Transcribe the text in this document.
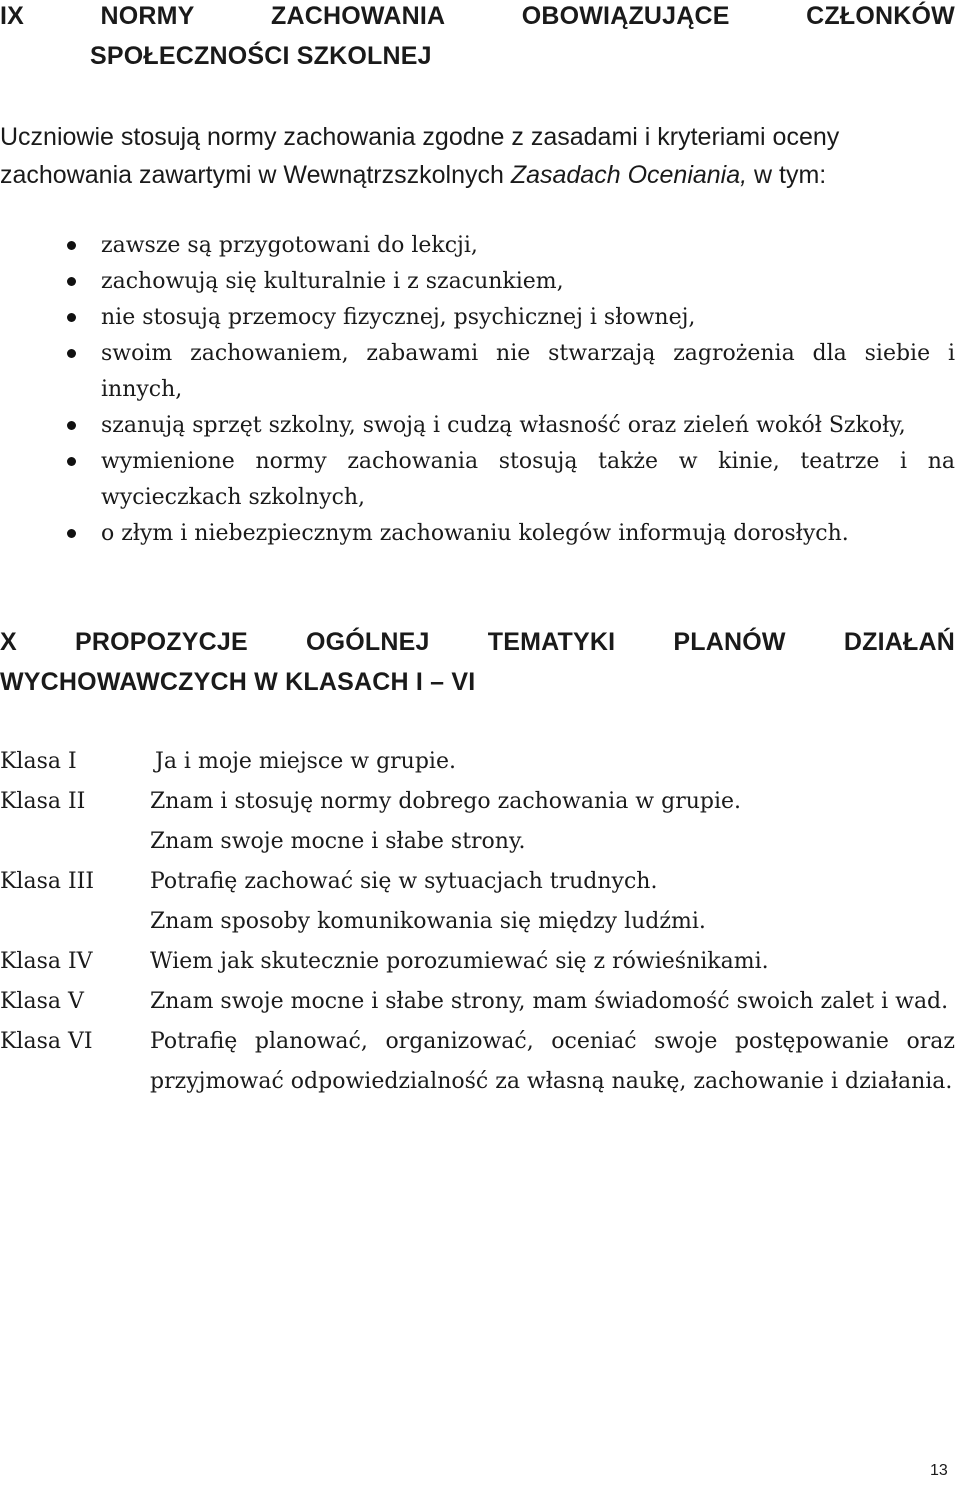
IX	NORMY	ZACHOWANIA	OBOWIĄZUJĄCE	CZŁONKÓW
SPOŁECZNOŚCI SZKOLNEJ
Uczniowie stosują normy zachowania zgodne z zasadami i kryteriami oceny
zachowania zawartymi w Wewnątrzszkolnych Zasadach Oceniania, w tym:
zawsze są przygotowani do lekcji,
zachowują się kulturalnie i z szacunkiem,
nie stosują przemocy fizycznej, psychicznej i słownej,
swoim zachowaniem, zabawami nie stwarzają zagrożenia dla siebie i innych,
szanują sprzęt szkolny, swoją i cudzą własność oraz zieleń wokół Szkoły,
wymienione normy zachowania stosują także w kinie, teatrze i na wycieczkach szkolnych,
o złym i niebezpiecznym zachowaniu kolegów informują dorosłych.
X PROPOZYCJE OGÓLNEJ TEMATYKI PLANÓW DZIAŁAŃ
WYCHOWAWCZYCH W KLASACH I – VI
Klasa I	Ja i moje miejsce w grupie.
Klasa II	Znam i stosuję normy dobrego zachowania w grupie.
Znam swoje mocne i słabe strony.
Klasa III	Potrafię zachować się w sytuacjach trudnych.
Znam sposoby komunikowania się między ludźmi.
Klasa IV	Wiem jak skutecznie porozumiewać się z rówieśnikami.
Klasa V	Znam swoje mocne i słabe strony, mam świadomość swoich zalet i wad.
Klasa VI	Potrafię planować, organizować, oceniać swoje postępowanie oraz przyjmować odpowiedzialność za własną naukę, zachowanie i działania.
13
